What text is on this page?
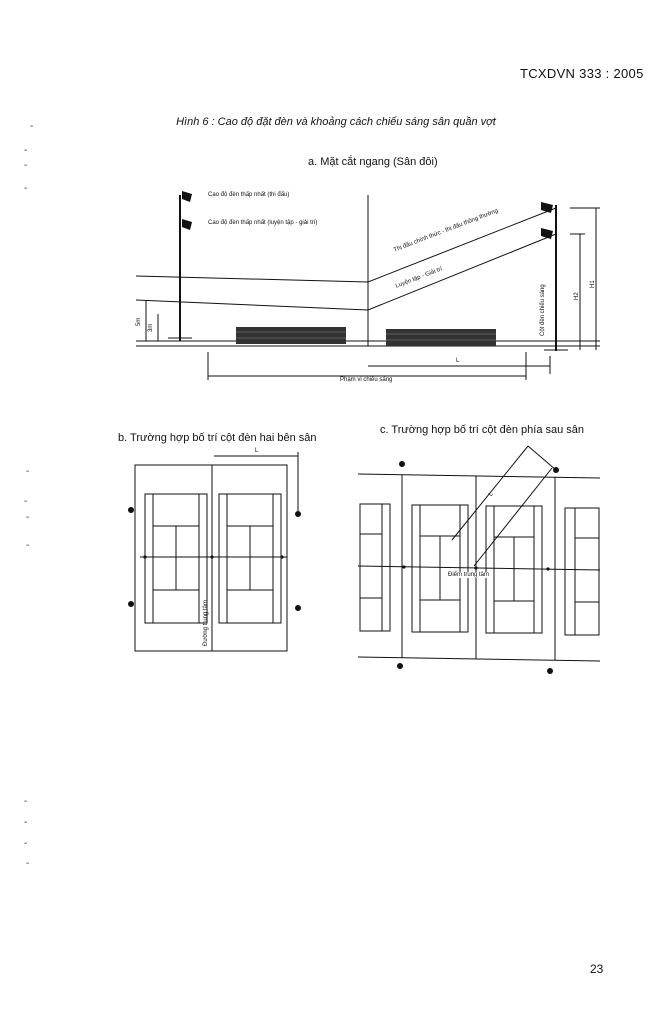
TCXDVN 333 : 2005
Hình 6 : Cao độ đặt đèn và khoảng cách chiếu sáng sân quần vợt
a. Mặt cắt ngang (Sân đôi)
b. Trường hợp bố trí cột đèn hai bên sân
c. Trường hợp bố trí cột đèn phía sau sân
-
-
-
-
-
-
-
-
-
-
-
-
Cao độ đèn thấp nhất (thi đấu)
Cao độ đèn thấp nhất (luyện tập - giải trí)	Thi đấu chính thức - thi đấu thông thường
Luyện tập - Giải trí
Cột đèn chiếu sáng
5m
3m
H1
H2
L
Phạm vi chiếu sáng
L
Đường trung tâm
L
Điểm trung tâm
23
